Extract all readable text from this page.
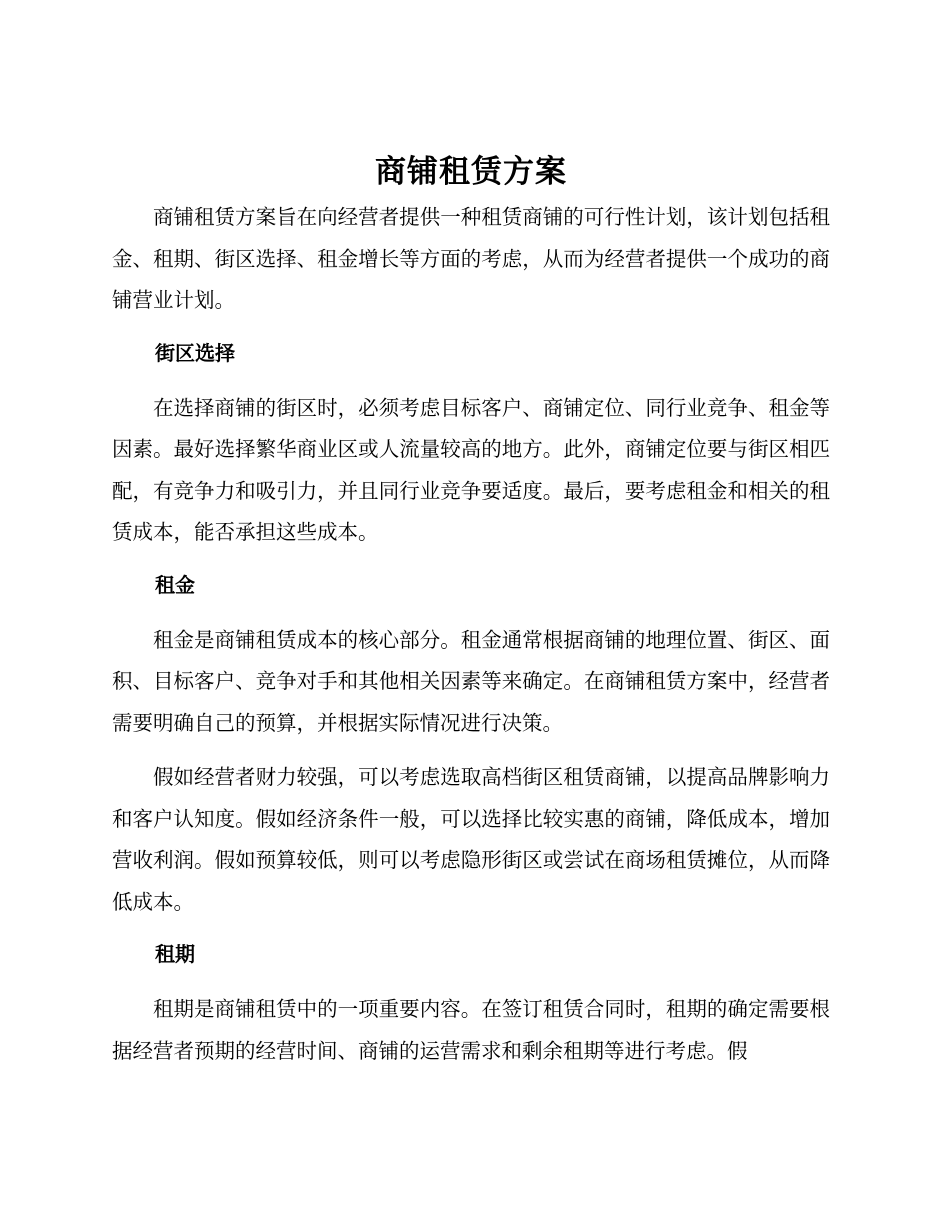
商铺租赁方案

商铺租赁方案旨在向经营者提供一种租赁商铺的可行性计划，该计划包括租金、租期、街区选择、租金增长等方面的考虑，从而为经营者提供一个成功的商铺营业计划。

街区选择

在选择商铺的街区时，必须考虑目标客户、商铺定位、同行业竞争、租金等因素。最好选择繁华商业区或人流量较高的地方。此外，商铺定位要与街区相匹配，有竞争力和吸引力，并且同行业竞争要适度。最后，要考虑租金和相关的租赁成本，能否承担这些成本。

租金

租金是商铺租赁成本的核心部分。租金通常根据商铺的地理位置、街区、面积、目标客户、竞争对手和其他相关因素等来确定。在商铺租赁方案中，经营者需要明确自己的预算，并根据实际情况进行决策。

假如经营者财力较强，可以考虑选取高档街区租赁商铺，以提高品牌影响力和客户认知度。假如经济条件一般，可以选择比较实惠的商铺，降低成本，增加营收利润。假如预算较低，则可以考虑隐形街区或尝试在商场租赁摊位，从而降低成本。

租期

租期是商铺租赁中的一项重要内容。在签订租赁合同时，租期的确定需要根据经营者预期的经营时间、商铺的运营需求和剩余租期等进行考虑。假
